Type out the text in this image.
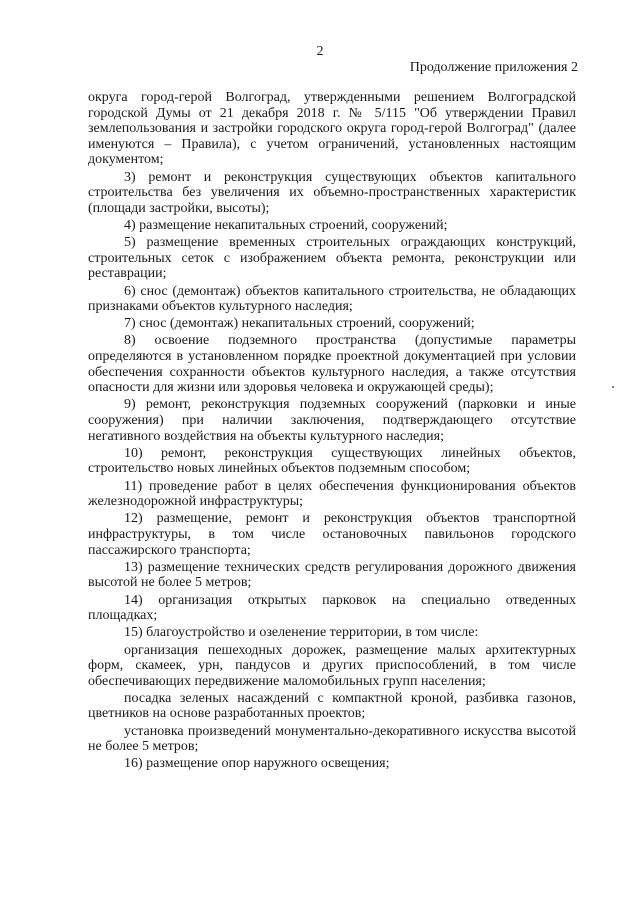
2
Продолжение приложения 2

округа город-герой Волгоград, утвержденными решением Волгоградской городской Думы от 21 декабря 2018 г. № 5/115 "Об утверждении Правил землепользования и застройки городского округа город-герой Волгоград" (далее именуются – Правила), с учетом ограничений, установленных настоящим документом;

3) ремонт и реконструкция существующих объектов капитального строительства без увеличения их объемно-пространственных характеристик (площади застройки, высоты);

4) размещение некапитальных строений, сооружений;

5) размещение временных строительных ограждающих конструкций, строительных сеток с изображением объекта ремонта, реконструкции или реставрации;

6) снос (демонтаж) объектов капитального строительства, не обладающих признаками объектов культурного наследия;

7) снос (демонтаж) некапитальных строений, сооружений;

8) освоение подземного пространства (допустимые параметры определяются в установленном порядке проектной документацией при условии обеспечения сохранности объектов культурного наследия, а также отсутствия опасности для жизни или здоровья человека и окружающей среды);

9) ремонт, реконструкция подземных сооружений (парковки и иные сооружения) при наличии заключения, подтверждающего отсутствие негативного воздействия на объекты культурного наследия;

10) ремонт, реконструкция существующих линейных объектов, строительство новых линейных объектов подземным способом;

11) проведение работ в целях обеспечения функционирования объектов железнодорожной инфраструктуры;

12) размещение, ремонт и реконструкция объектов транспортной инфраструктуры, в том числе остановочных павильонов городского пассажирского транспорта;

13) размещение технических средств регулирования дорожного движения высотой не более 5 метров;

14) организация открытых парковок на специально отведенных площадках;

15) благоустройство и озеленение территории, в том числе:

организация пешеходных дорожек, размещение малых архитектурных форм, скамеек, урн, пандусов и других приспособлений, в том числе обеспечивающих передвижение маломобильных групп населения;

посадка зеленых насаждений с компактной кроной, разбивка газонов, цветников на основе разработанных проектов;

установка произведений монументально-декоративного искусства высотой не более 5 метров;

16) размещение опор наружного освещения;
